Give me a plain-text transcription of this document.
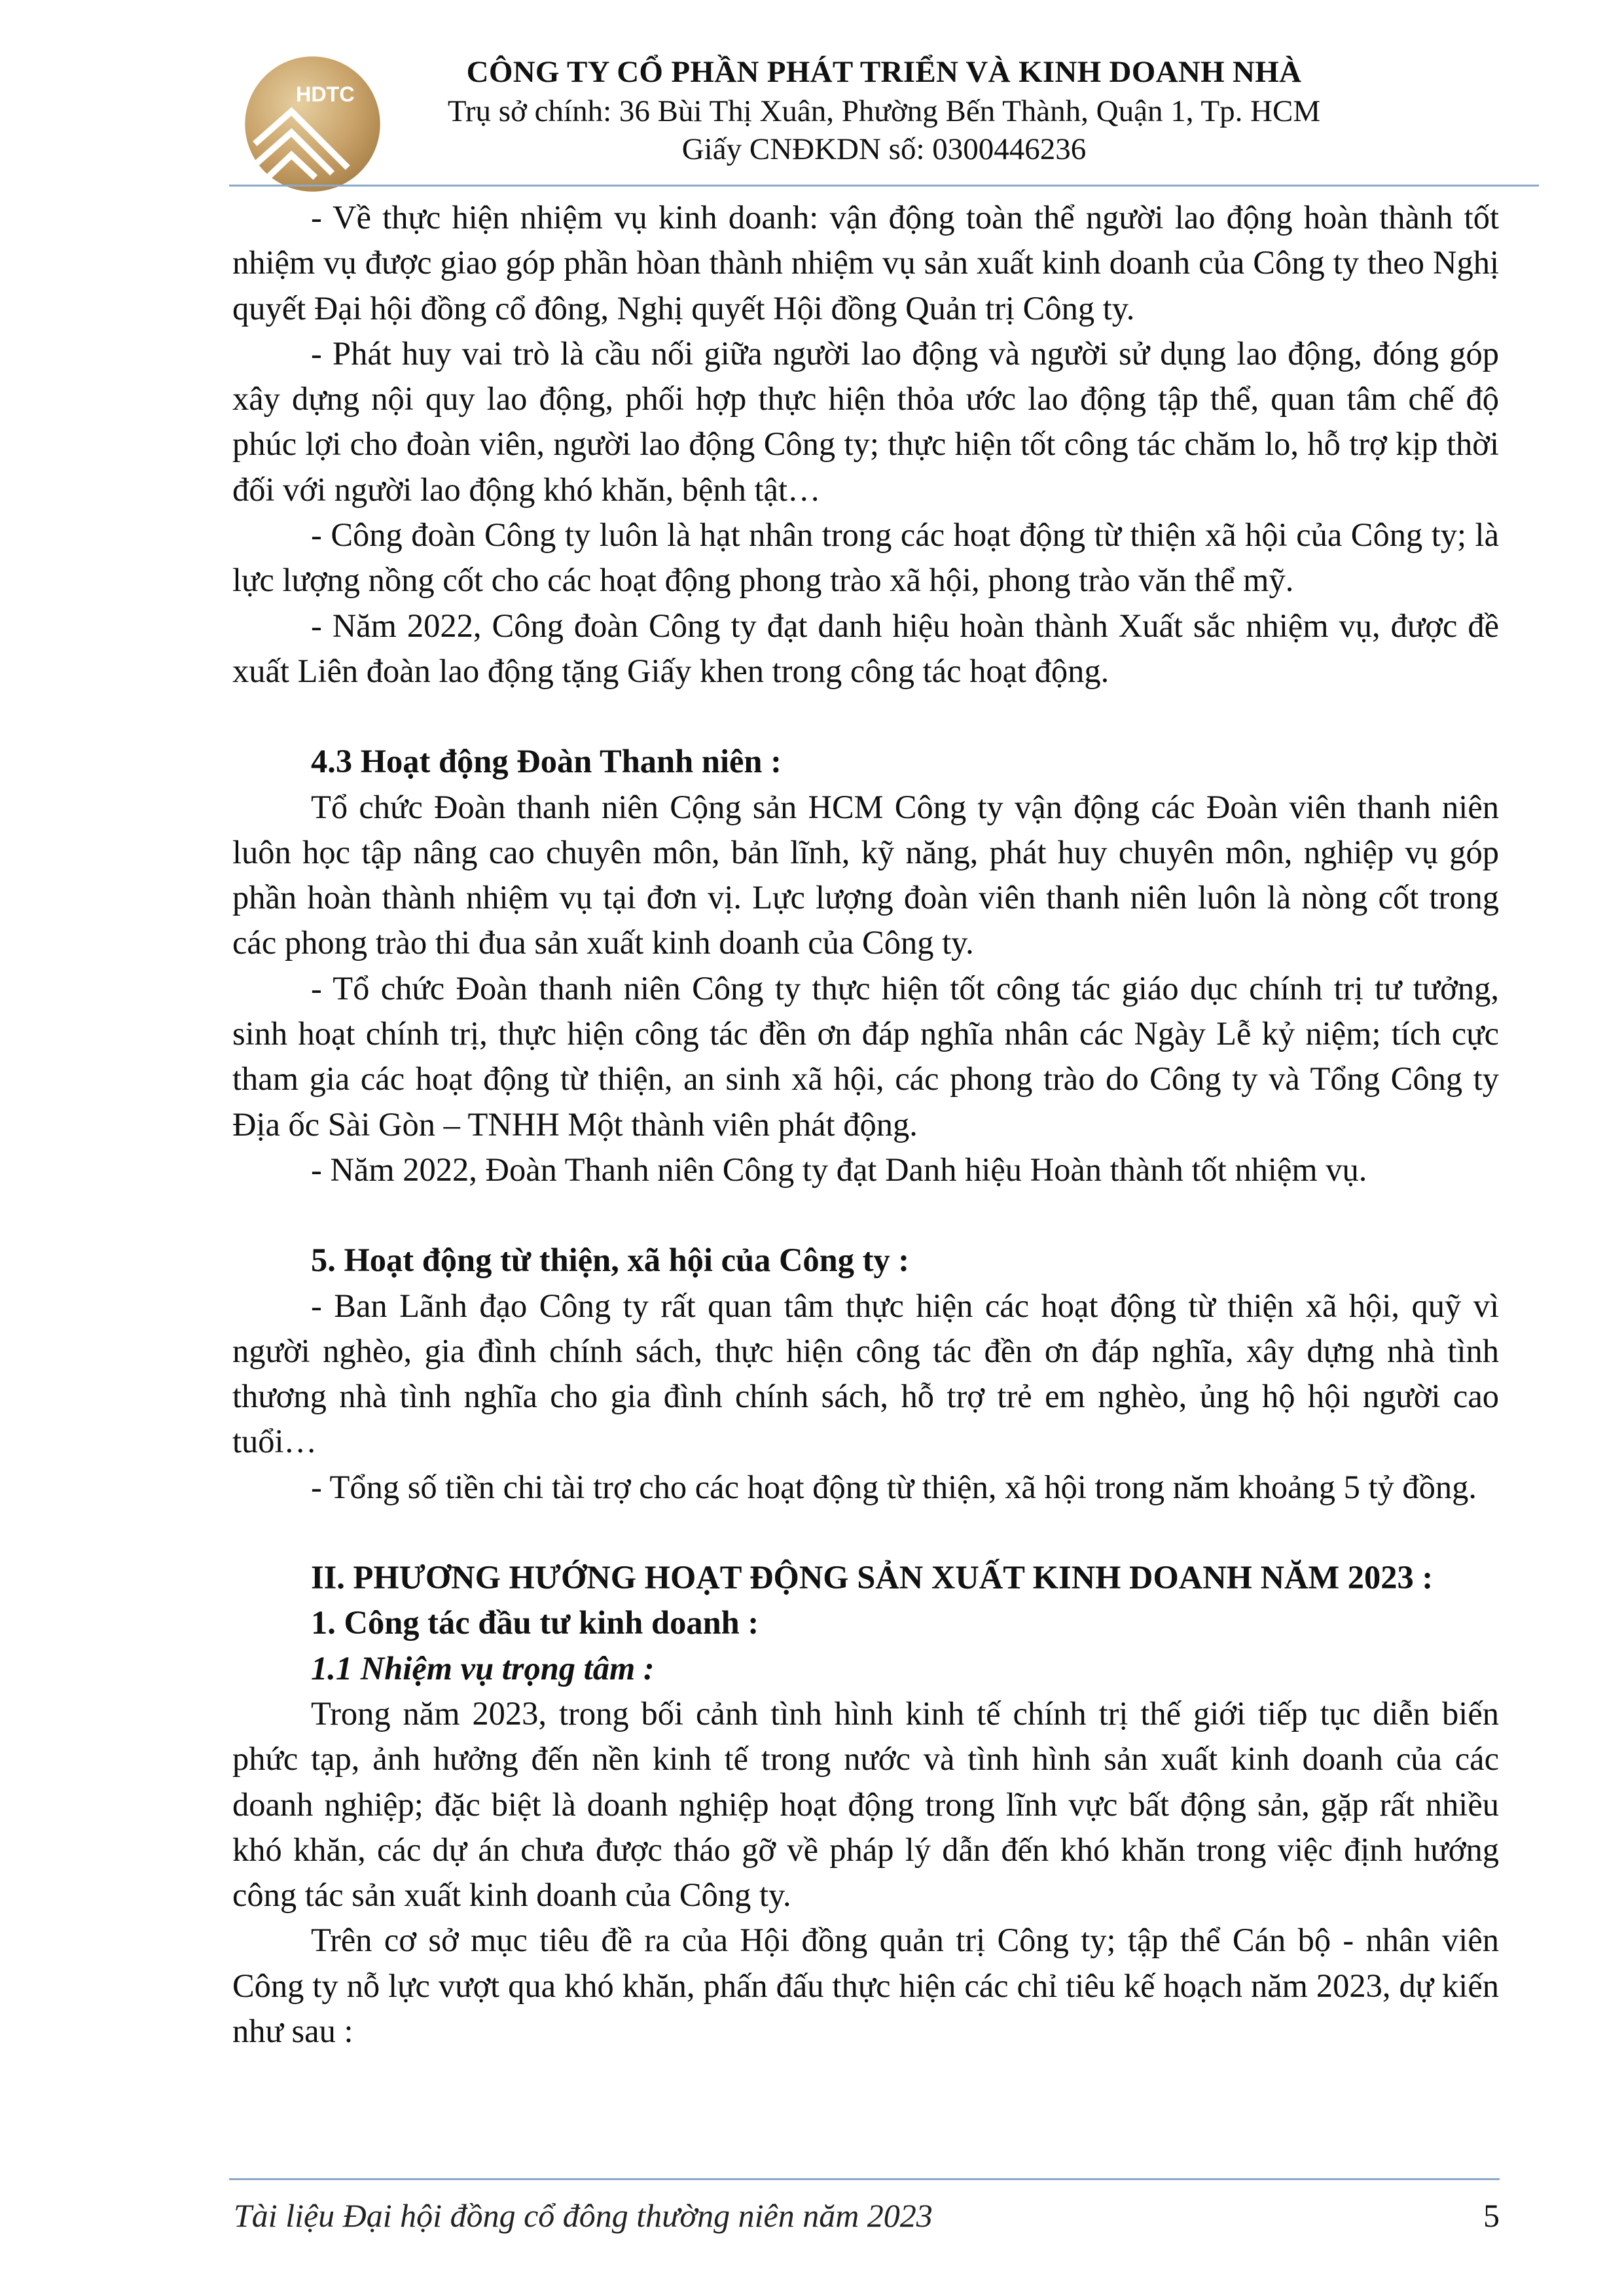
HDTC
CÔNG TY CỔ PHẦN PHÁT TRIỂN VÀ KINH DOANH NHÀ
Trụ sở chính: 36 Bùi Thị Xuân, Phường Bến Thành, Quận 1, Tp. HCM
Giấy CNĐKDN số: 0300446236

- Về thực hiện nhiệm vụ kinh doanh: vận động toàn thể người lao động hoàn thành tốt nhiệm vụ được giao góp phần hòan thành nhiệm vụ sản xuất kinh doanh của Công ty theo Nghị quyết Đại hội đồng cổ đông, Nghị quyết Hội đồng Quản trị Công ty.

- Phát huy vai trò là cầu nối giữa người lao động và người sử dụng lao động, đóng góp xây dựng nội quy lao động, phối hợp thực hiện thỏa ước lao động tập thể, quan tâm chế độ phúc lợi cho đoàn viên, người lao động Công ty; thực hiện tốt công tác chăm lo, hỗ trợ kịp thời đối với người lao động khó khăn, bệnh tật…

- Công đoàn Công ty luôn là hạt nhân trong các hoạt động từ thiện xã hội của Công ty; là lực lượng nồng cốt cho các hoạt động phong trào xã hội, phong trào văn thể mỹ.

- Năm 2022, Công đoàn Công ty đạt danh hiệu hoàn thành Xuất sắc nhiệm vụ, được đề xuất Liên đoàn lao động tặng Giấy khen trong công tác hoạt động.

4.3 Hoạt động Đoàn Thanh niên :

Tổ chức Đoàn thanh niên Cộng sản HCM Công ty vận động các Đoàn viên thanh niên luôn học tập nâng cao chuyên môn, bản lĩnh, kỹ năng, phát huy chuyên môn, nghiệp vụ góp phần hoàn thành nhiệm vụ tại đơn vị. Lực lượng đoàn viên thanh niên luôn là nòng cốt trong các phong trào thi đua sản xuất kinh doanh của Công ty.

- Tổ chức Đoàn thanh niên Công ty thực hiện tốt công tác giáo dục chính trị tư tưởng, sinh hoạt chính trị, thực hiện công tác đền ơn đáp nghĩa nhân các Ngày Lễ kỷ niệm; tích cực tham gia các hoạt động từ thiện, an sinh xã hội, các phong trào do Công ty và Tổng Công ty Địa ốc Sài Gòn – TNHH Một thành viên phát động.

- Năm 2022, Đoàn Thanh niên Công ty đạt Danh hiệu Hoàn thành tốt nhiệm vụ.

5. Hoạt động từ thiện, xã hội của Công ty :

- Ban Lãnh đạo Công ty rất quan tâm thực hiện các hoạt động từ thiện xã hội, quỹ vì người nghèo, gia đình chính sách, thực hiện công tác đền ơn đáp nghĩa, xây dựng nhà tình thương nhà tình nghĩa cho gia đình chính sách, hỗ trợ trẻ em nghèo, ủng hộ hội người cao tuổi…

- Tổng số tiền chi tài trợ cho các hoạt động từ thiện, xã hội trong năm khoảng 5 tỷ đồng.

II. PHƯƠNG HƯỚNG HOẠT ĐỘNG SẢN XUẤT KINH DOANH NĂM 2023 :

1. Công tác đầu tư kinh doanh :

1.1 Nhiệm vụ trọng tâm :

Trong năm 2023, trong bối cảnh tình hình kinh tế chính trị thế giới tiếp tục diễn biến phức tạp, ảnh hưởng đến nền kinh tế trong nước và tình hình sản xuất kinh doanh của các doanh nghiệp; đặc biệt là doanh nghiệp hoạt động trong lĩnh vực bất động sản, gặp rất nhiều khó khăn, các dự án chưa được tháo gỡ về pháp lý dẫn đến khó khăn trong việc định hướng công tác sản xuất kinh doanh của Công ty.

Trên cơ sở mục tiêu đề ra của Hội đồng quản trị Công ty; tập thể Cán bộ - nhân viên Công ty nỗ lực vượt qua khó khăn, phấn đấu thực hiện các chỉ tiêu kế hoạch năm 2023, dự kiến như sau :

Tài liệu Đại hội đồng cổ đông thường niên năm 2023	5
